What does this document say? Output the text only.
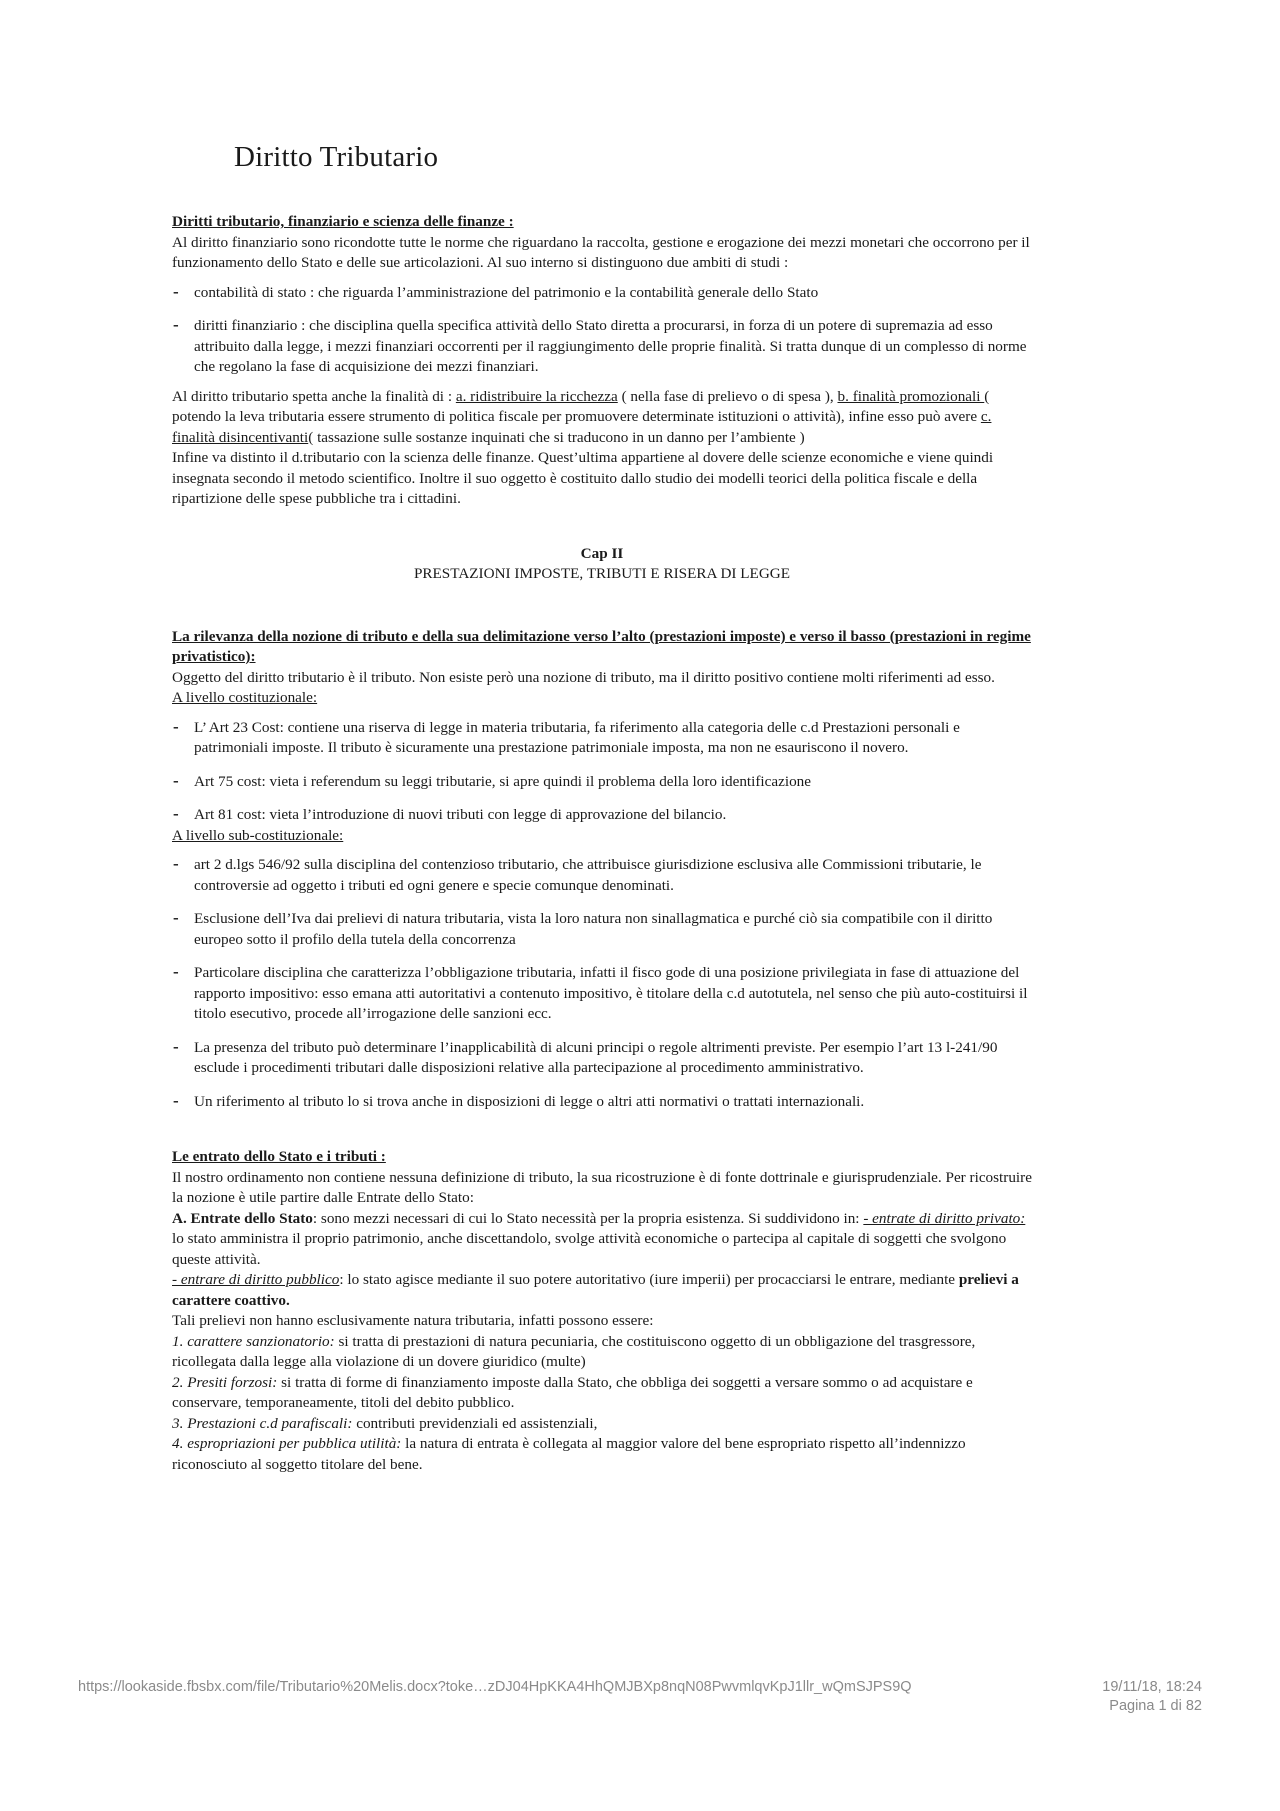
Diritto Tributario

Diritti tributario, finanziario e scienza delle finanze :

Al diritto finanziario sono ricondotte tutte le norme che riguardano la raccolta, gestione e erogazione dei mezzi monetari che occorrono per il funzionamento dello Stato e delle sue articolazioni. Al suo interno si distinguono due ambiti di studi :

- contabilità di stato : che riguarda l’amministrazione del patrimonio e la contabilità generale dello Stato
- diritti finanziario : che disciplina quella specifica attività dello Stato diretta a procurarsi, in forza di un potere di supremazia ad esso attribuito dalla legge, i mezzi finanziari occorrenti per il raggiungimento delle proprie finalità. Si tratta dunque di un complesso di norme che regolano la fase di acquisizione dei mezzi finanziari.

Al diritto tributario spetta anche la finalità di : a. ridistribuire la ricchezza ( nella fase di prelievo o di spesa ), b. finalità promozionali ( potendo la leva tributaria essere strumento di politica fiscale per promuovere determinate istituzioni o attività), infine esso può avere c. finalità disincentivanti( tassazione sulle sostanze inquinati che si traducono in un danno per l’ambiente )

Infine va distinto il d.tributario con la scienza delle finanze. Quest’ultima appartiene al dovere delle scienze economiche e viene quindi insegnata secondo il metodo scientifico. Inoltre il suo oggetto è costituito dallo studio dei modelli teorici della politica fiscale e della ripartizione delle spese pubbliche tra i cittadini.

Cap II

PRESTAZIONI IMPOSTE, TRIBUTI E RISERA DI LEGGE

La rilevanza della nozione di tributo e della sua delimitazione verso l’alto (prestazioni imposte) e verso il basso (prestazioni in regime privatistico):

Oggetto del diritto tributario è il tributo. Non esiste però una nozione di tributo, ma il diritto positivo contiene molti riferimenti ad esso.

A livello costituzionale:

- L’ Art 23 Cost: contiene una riserva di legge in materia tributaria, fa riferimento alla categoria delle c.d Prestazioni personali e patrimoniali imposte. Il tributo è sicuramente una prestazione patrimoniale imposta, ma non ne esauriscono il novero.
- Art 75 cost: vieta i referendum su leggi tributarie, si apre quindi il problema della loro identificazione
- Art 81 cost: vieta l’introduzione di nuovi tributi con legge di approvazione del bilancio.

A livello sub-costituzionale:

- art 2 d.lgs 546/92 sulla disciplina del contenzioso tributario, che attribuisce giurisdizione esclusiva alle Commissioni tributarie, le controversie ad oggetto i tributi ed ogni genere e specie comunque denominati.
- Esclusione dell’Iva dai prelievi di natura tributaria, vista la loro natura non sinallagmatica e purché ciò sia compatibile con il diritto europeo sotto il profilo della tutela della concorrenza
- Particolare disciplina che caratterizza l’obbligazione tributaria, infatti il fisco gode di una posizione privilegiata in fase di attuazione del rapporto impositivo: esso emana atti autoritativi a contenuto impositivo, è titolare della c.d autotutela, nel senso che più auto-costituirsi il titolo esecutivo, procede all’irrogazione delle sanzioni ecc.
- La presenza del tributo può determinare l’inapplicabilità di alcuni principi o regole altrimenti previste. Per esempio l’art 13 l-241/90 esclude i procedimenti tributari dalle disposizioni relative alla partecipazione al procedimento amministrativo.
- Un riferimento al tributo lo si trova anche in disposizioni di legge o altri atti normativi o trattati internazionali.

Le entrato dello Stato e i tributi :

Il nostro ordinamento non contiene nessuna definizione di tributo, la sua ricostruzione è di fonte dottrinale e giurisprudenziale. Per ricostruire la nozione è utile partire dalle Entrate dello Stato:

A. Entrate dello Stato: sono mezzi necessari di cui lo Stato necessità per la propria esistenza. Si suddividono in: - entrate di diritto privato: lo stato amministra il proprio patrimonio, anche discettandolo, svolge attività economiche o partecipa al capitale di soggetti che svolgono queste attività.

- entrare di diritto pubblico: lo stato agisce mediante il suo potere autoritativo (iure imperii) per procacciarsi le entrare, mediante prelievi a carattere coattivo.

Tali prelievi non hanno esclusivamente natura tributaria, infatti possono essere:

1. carattere sanzionatorio: si tratta di prestazioni di natura pecuniaria, che costituiscono oggetto di un obbligazione del trasgressore, ricollegata dalla legge alla violazione di un dovere giuridico (multe)

2. Presiti forzosi: si tratta di forme di finanziamento imposte dalla Stato, che obbliga dei soggetti a versare sommo o ad acquistare e conservare, temporaneamente, titoli del debito pubblico.

3. Prestazioni c.d parafiscali: contributi previdenziali ed assistenziali,

4. espropriazioni per pubblica utilità: la natura di entrata è collegata al maggior valore del bene espropriato rispetto all’indennizzo riconosciuto al soggetto titolare del bene.

https://lookaside.fbsbx.com/file/Tributario%20Melis.docx?toke…zDJ04HpKKA4HhQMJBXp8nqN08PwvmlqvKpJ1llr_wQmSJPS9Q	19/11/18, 18:24
Pagina 1 di 82
